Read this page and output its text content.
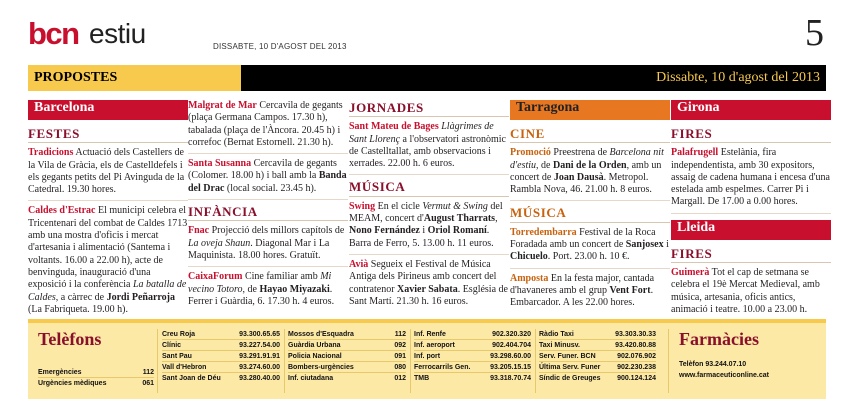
bcn estiu	DISSABTE, 10 D'AGOST DEL 2013	5
PROPOSTES	Dissabte, 10 d'agost del 2013
Barcelona
FESTES
Tradicions Actuació dels Castellers de la Vila de Gràcia, els de Castelldefels i els gegants petits del Pi Avinguda de la Catedral. 19.30 hores.
Caldes d'Estrac El municipi celebra el Tricentenari del combat de Caldes 1713 amb una mostra d'oficis i mercat d'artesania i alimentació (Santema i voltants. 16.00 a 22.00 h), acte de benvinguda, inauguració d'una exposició i la conferència La batalla de Caldes, a càrrec de Jordi Peñarroja (La Fabriqueta. 19.00 h).
Malgrat de Mar Cercavila de gegants (plaça Germana Campos. 17.30 h), tabalada (plaça de l'Àncora. 20.45 h) i correfoc (Bernat Estornell. 21.30 h).
Santa Susanna Cercavila de gegants (Colomer. 18.00 h) i ball amb la Banda del Drac (local social. 23.45 h).
INFÀNCIA
Fnac Projecció dels millors capítols de La oveja Shaun. Diagonal Mar i La Maquinista. 18.00 hores. Gratuït.
CaixaForum Cine familiar amb Mi vecino Totoro, de Hayao Miyazaki. Ferrer i Guàrdia, 6. 17.30 h. 4 euros.
JORNADES
Sant Mateu de Bages Llàgrimes de Sant Llorenç a l'observatori astronòmic de Castelltallat, amb observacions i xerrades. 22.00 h. 6 euros.
MÚSICA
Swing En el cicle Vermut & Swing del MEAM, concert d'August Tharrats, Nono Fernández i Oriol Romaní. Barra de Ferro, 5. 13.00 h. 11 euros.
Avià Segueix el Festival de Música Antiga dels Pirineus amb concert del contratenor Xavier Sabata. Església de Sant Martí. 21.30 h. 16 euros.
Tarragona
CINE
Promoció Preestrena de Barcelona nit d'estiu, de Dani de la Orden, amb un concert de Joan Dausà. Metropol. Rambla Nova, 46. 21.00 h. 8 euros.
MÚSICA
Torredembarra Festival de la Roca Foradada amb un concert de Sanjosex i Chicuelo. Port. 23.00 h. 10 €.
Amposta En la festa major, cantada d'havaneres amb el grup Vent Fort. Embarcador. A les 22.00 hores.
Girona
FIRES
Palafrugell Estelània, fira independentista, amb 30 expositors, assaig de cadena humana i encesa d'una estelada amb espelmes. Carrer Pi i Margall. De 17.00 a 0.00 hores.
Lleida
FIRES
Guimerà Tot el cap de setmana se celebra el 19è Mercat Medieval, amb música, artesania, oficis antics, animació i teatre. 10.00 a 23.00 h.
Telèfons
Emergències	112
Urgències mèdiques	061
Creu Roja	93.300.65.65
Clínic	93.227.54.00
Sant Pau	93.291.91.91
Vall d'Hebron	93.274.60.00
Sant Joan de Déu	93.280.40.00
Mossos d'Esquadra	112
Guàrdia Urbana	092
Policia Nacional	091
Bombers-urgències	080
Inf. ciutadana	012
Inf. Renfe	902.320.320
Inf. aeroport	902.404.704
Inf. port	93.298.60.00
Ferrocarrils Gen.	93.205.15.15
TMB	93.318.70.74
Ràdio Taxi	93.303.30.33
Taxi Minusv.	93.420.80.88
Serv. Funer. BCN	902.076.902
Última Serv. Funer 902.230.238
Síndic de Greuges 900.124.124
Farmàcies
Telèfon 93.244.07.10
www.farmaceuticonline.cat
